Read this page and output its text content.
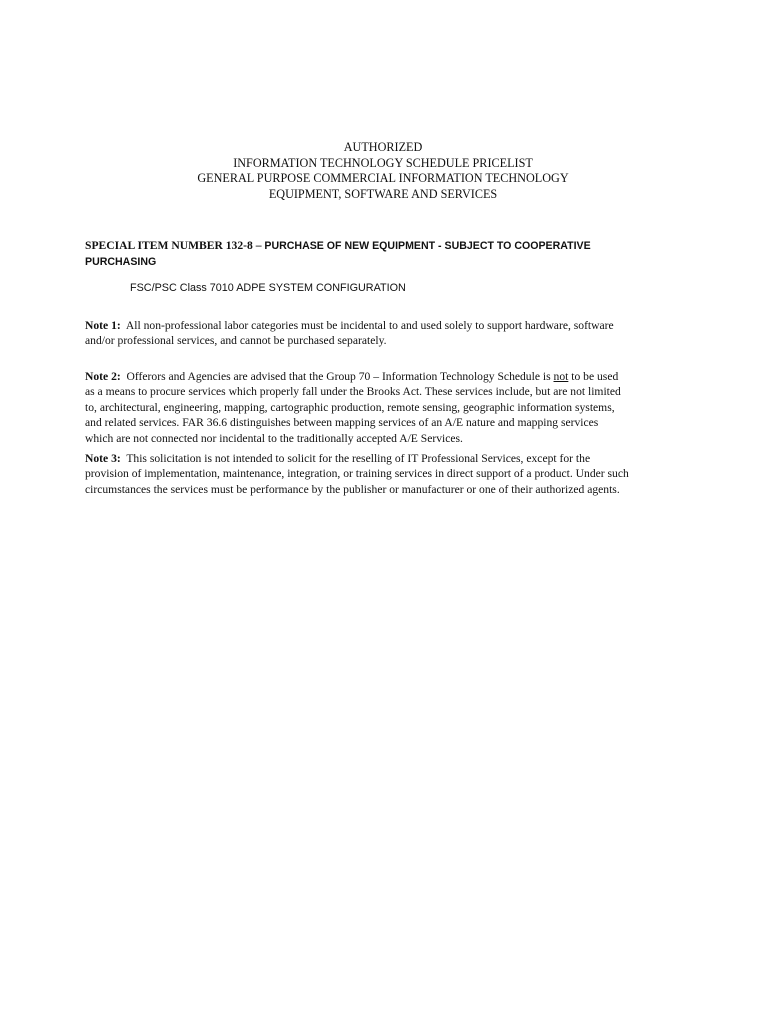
AUTHORIZED
INFORMATION TECHNOLOGY SCHEDULE PRICELIST
GENERAL PURPOSE COMMERCIAL INFORMATION TECHNOLOGY
EQUIPMENT, SOFTWARE AND SERVICES
SPECIAL ITEM NUMBER 132-8 – PURCHASE OF NEW EQUIPMENT - SUBJECT TO COOPERATIVE
PURCHASING
FSC/PSC Class 7010 ADPE SYSTEM CONFIGURATION
Note 1: All non-professional labor categories must be incidental to and used solely to support hardware, software
and/or professional services, and cannot be purchased separately.
Note 2: Offerors and Agencies are advised that the Group 70 – Information Technology Schedule is not to be used
as a means to procure services which properly fall under the Brooks Act. These services include, but are not limited
to, architectural, engineering, mapping, cartographic production, remote sensing, geographic information systems,
and related services. FAR 36.6 distinguishes between mapping services of an A/E nature and mapping services
which are not connected nor incidental to the traditionally accepted A/E Services.
Note 3: This solicitation is not intended to solicit for the reselling of IT Professional Services, except for the
provision of implementation, maintenance, integration, or training services in direct support of a product. Under such
circumstances the services must be performance by the publisher or manufacturer or one of their authorized agents.
